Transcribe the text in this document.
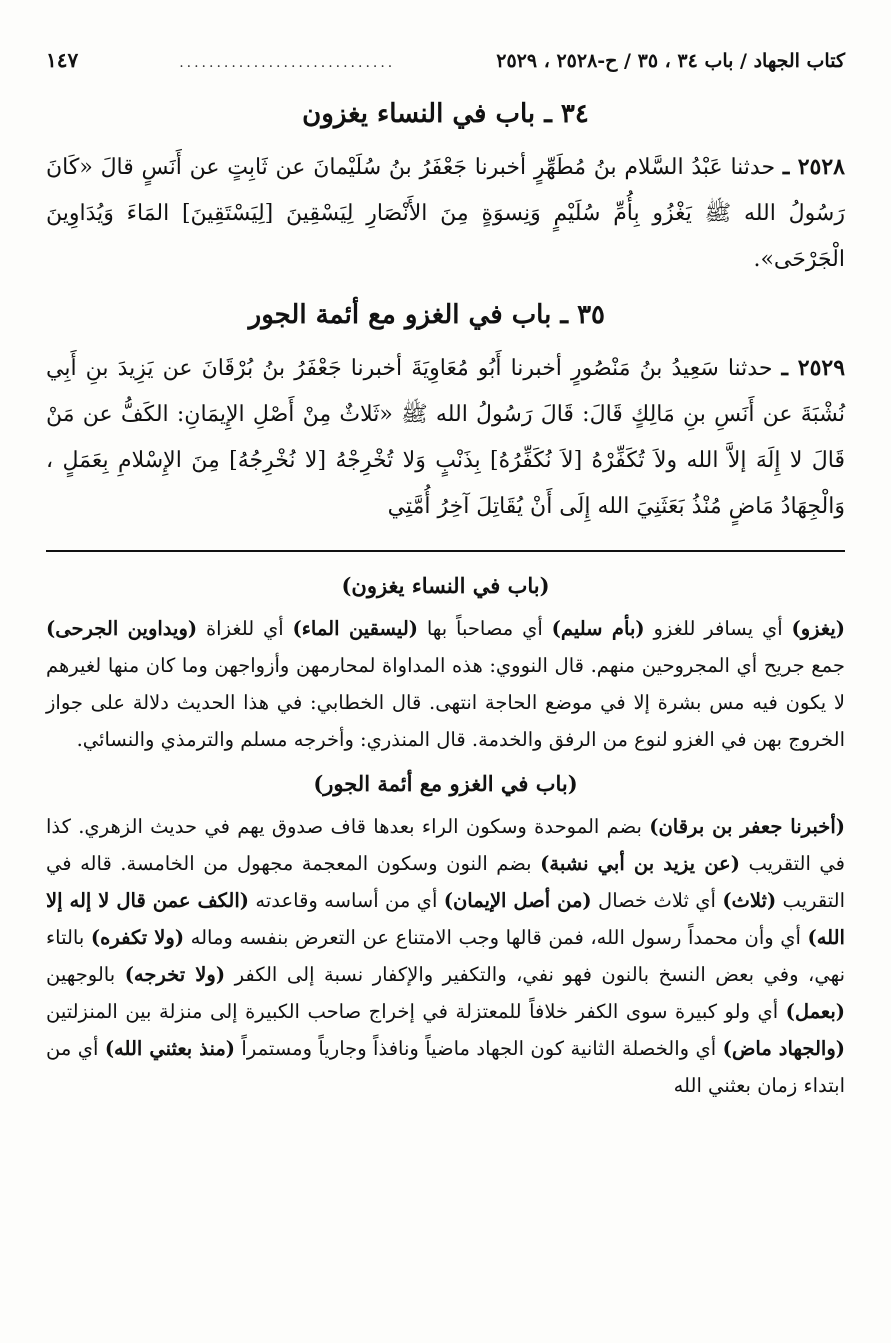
كتاب الجهاد / باب ٣٤ ، ٣٥ / ح-٢٥٢٨ ، ٢٥٢٩
.............................
١٤٧
٣٤ ـ باب في النساء يغزون

٢٥٢٨ ـ حدثنا عَبْدُ السَّلام بنُ مُطَهِّرٍ أخبرنا جَعْفَرُ بنُ سُلَيْمانَ عن ثَابِتٍ عن أَنَسٍ قالَ «كَانَ رَسُولُ الله ﷺ يَغْزُو بِأُمِّ سُلَيْمٍ وَنِسوَةٍ مِنَ الأَنْصَارِ لِيَسْقِينَ [لِيَسْتَقِينَ] المَاءَ وَيُدَاوِينَ الْجَرْحَى».

٣٥ ـ باب في الغزو مع أئمة الجور

٢٥٢٩ ـ حدثنا سَعِيدُ بنُ مَنْصُورٍ أخبرنا أَبُو مُعَاوِيَةَ أخبرنا جَعْفَرُ بنُ بُرْقَانَ عن يَزِيدَ بنِ أَبِي نُشْبَةَ عن أَنَسِ بنِ مَالِكٍ قَالَ: قَالَ رَسُولُ الله ﷺ «ثَلاثٌ مِنْ أَصْلِ الإِيمَانِ: الكَفُّ عن مَنْ قَالَ لا إِلَهَ إلاَّ الله ولاَ تُكَفِّرْهُ [لاَ نُكَفِّرُهُ] بِذَنْبٍ وَلا تُخْرِجْهُ [لا نُخْرِجُهُ] مِنَ الإِسْلامِ بِعَمَلٍ ، وَالْجِهَادُ مَاضٍ مُنْذُ بَعَثَنِيَ الله إِلَى أَنْ يُقَاتِلَ آخِرُ أُمَّتِي

(باب في النساء يغزون)

(يغزو) أي يسافر للغزو (بأم سليم) أي مصاحباً بها (ليسقين الماء) أي للغزاة (ويداوين الجرحى) جمع جريح أي المجروحين منهم. قال النووي: هذه المداواة لمحارمهن وأزواجهن وما كان منها لغيرهم لا يكون فيه مس بشرة إلا في موضع الحاجة انتهى. قال الخطابي: في هذا الحديث دلالة على جواز الخروج بهن في الغزو لنوع من الرفق والخدمة. قال المنذري: وأخرجه مسلم والترمذي والنسائي.

(باب في الغزو مع أئمة الجور)

(أخبرنا جعفر بن برقان) بضم الموحدة وسكون الراء بعدها قاف صدوق يهم في حديث الزهري. كذا في التقريب (عن يزيد بن أبي نشبة) بضم النون وسكون المعجمة مجهول من الخامسة. قاله في التقريب (ثلاث) أي ثلاث خصال (من أصل الإيمان) أي من أساسه وقاعدته (الكف عمن قال لا إله إلا الله) أي وأن محمداً رسول الله، فمن قالها وجب الامتناع عن التعرض بنفسه وماله (ولا تكفره) بالتاء نهي، وفي بعض النسخ بالنون فهو نفي، والتكفير والإكفار نسبة إلى الكفر (ولا تخرجه) بالوجهين (بعمل) أي ولو كبيرة سوى الكفر خلافاً للمعتزلة في إخراج صاحب الكبيرة إلى منزلة بين المنزلتين (والجهاد ماض) أي والخصلة الثانية كون الجهاد ماضياً ونافذاً وجارياً ومستمراً (منذ بعثني الله) أي من ابتداء زمان بعثني الله
